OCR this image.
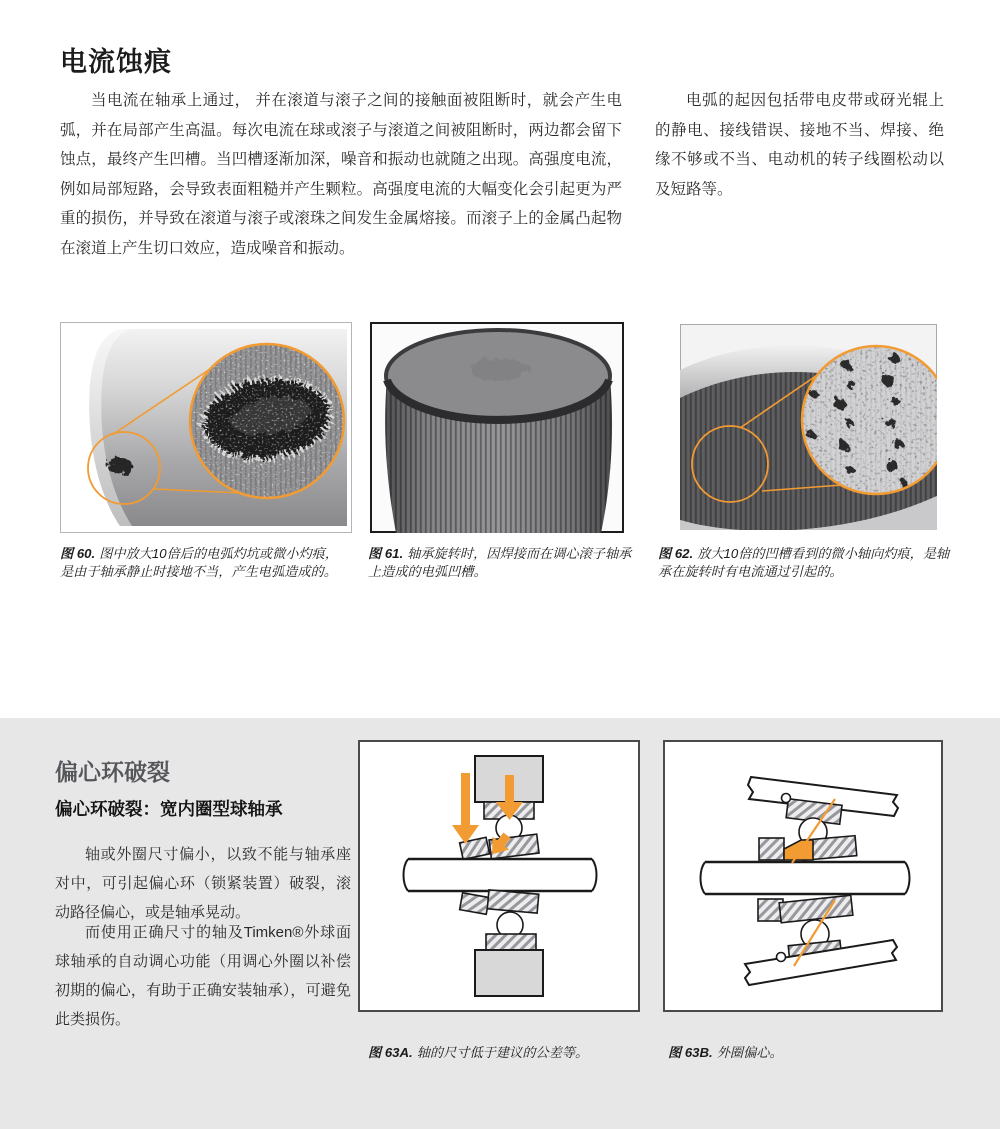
电流蚀痕

当电流在轴承上通过， 并在滚道与滚子之间的接触面被阻断时，就会产生电弧，并在局部产生高温。每次电流在球或滚子与滚道之间被阻断时，两边都会留下蚀点，最终产生凹槽。当凹槽逐渐加深，噪音和振动也就随之出现。高强度电流，例如局部短路，会导致表面粗糙并产生颗粒。高强度电流的大幅变化会引起更为严重的损伤，并导致在滚道与滚子或滚珠之间发生金属熔接。而滚子上的金属凸起物在滚道上产生切口效应，造成噪音和振动。

电弧的起因包括带电皮带或砑光辊上的静电、接线错误、接地不当、焊接、绝缘不够或不当、电动机的转子线圈松动以及短路等。

图 60. 图中放大10倍后的电弧灼坑或微小灼痕，是由于轴承静止时接地不当，产生电弧造成的。
图 61. 轴承旋转时，因焊接而在调心滚子轴承上造成的电弧凹槽。
图 62. 放大10倍的凹槽看到的微小轴向灼痕，是轴承在旋转时有电流通过引起的。
偏心环破裂
偏心环破裂：宽内圈型球轴承

轴或外圈尺寸偏小，以致不能与轴承座对中，可引起偏心环（锁紧装置）破裂，滚动路径偏心，或是轴承晃动。

而使用正确尺寸的轴及Timken®外球面球轴承的自动调心功能（用调心外圈以补偿初期的偏心，有助于正确安装轴承），可避免此类损伤。

图 63A. 轴的尺寸低于建议的公差等。	图 63B. 外圈偏心。
